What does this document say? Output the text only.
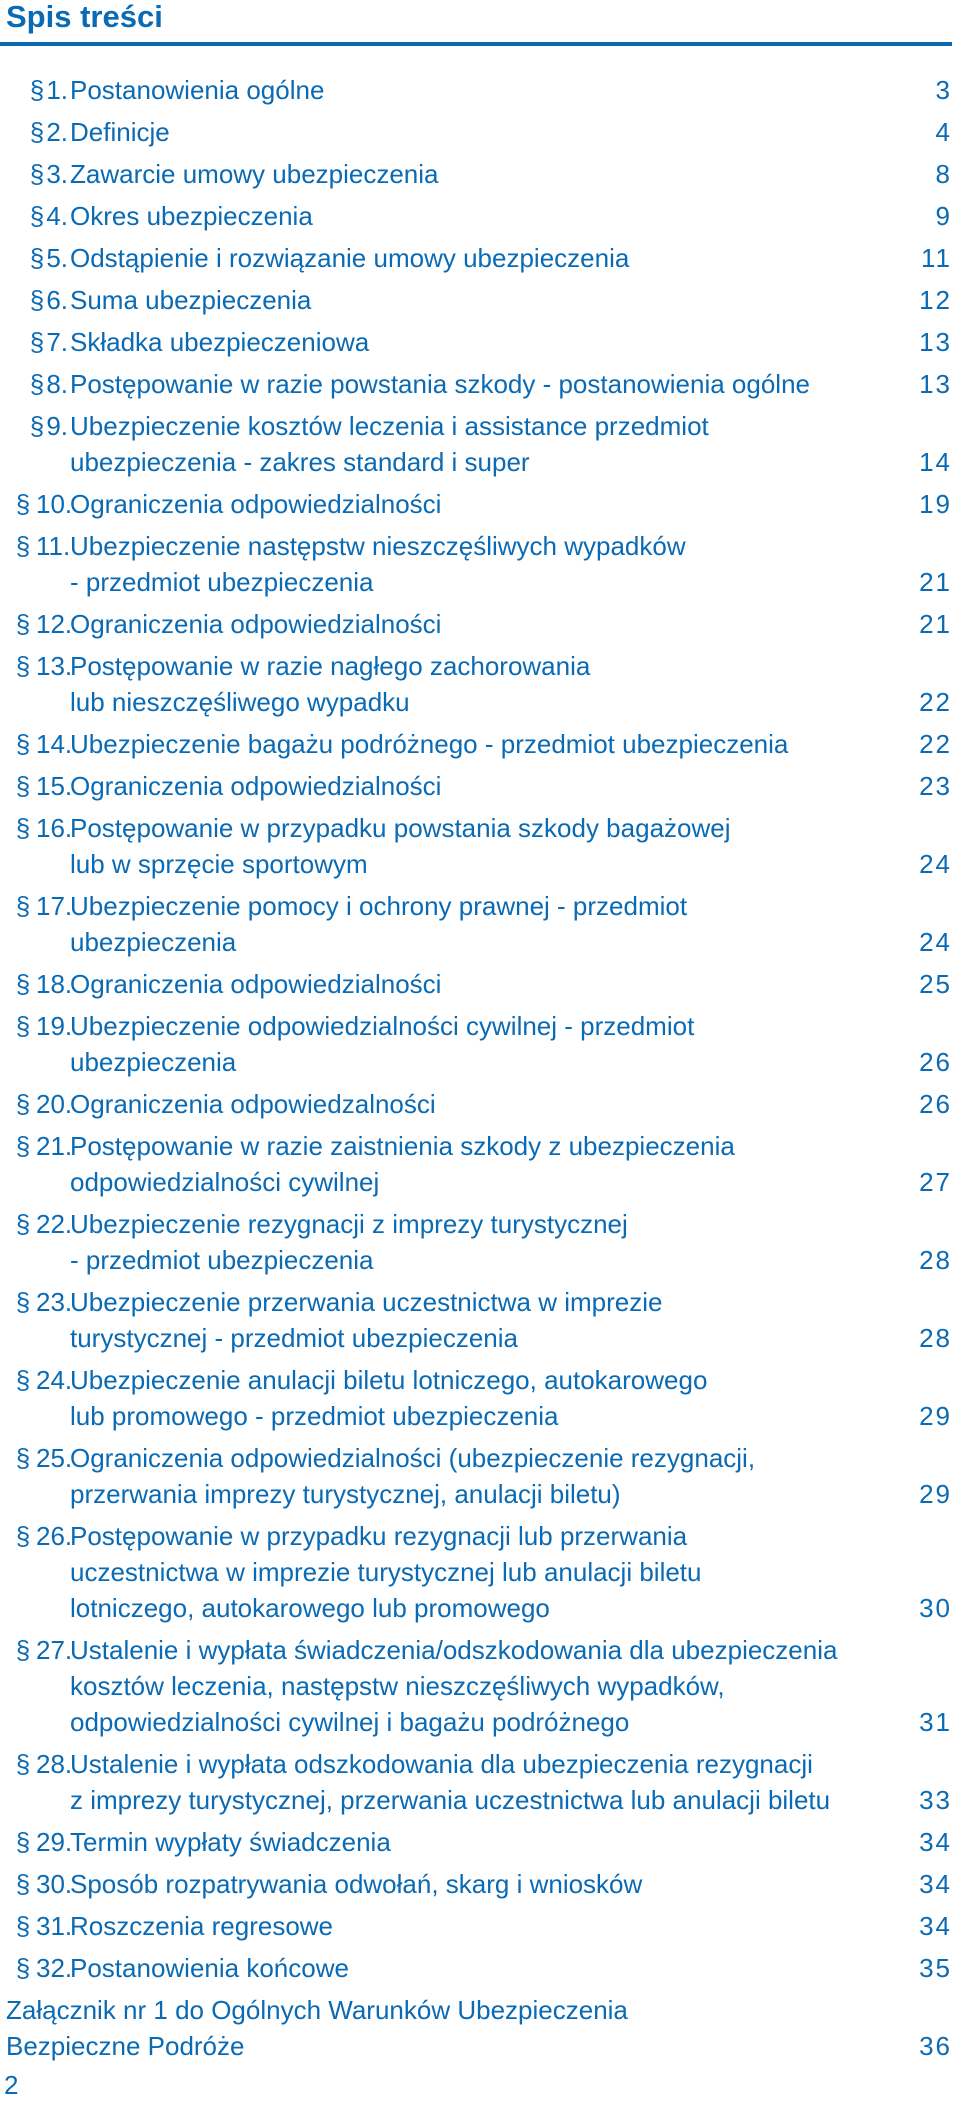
Spis treści
§ 1. Postanowienia ogólne	3
§ 2. Definicje	4
§ 3. Zawarcie umowy ubezpieczenia	8
§ 4. Okres ubezpieczenia	9
§ 5. Odstąpienie i rozwiązanie umowy ubezpieczenia	11
§ 6. Suma ubezpieczenia	12
§ 7. Składka ubezpieczeniowa	13
§ 8. Postępowanie w razie powstania szkody - postanowienia ogólne	13
§ 9. Ubezpieczenie kosztów leczenia i assistance przedmiot
ubezpieczenia - zakres standard i super	14
§ 10.
Ograniczenia odpowiedzialności	19
§ 11. Ubezpieczenie następstw nieszczęśliwych wypadków
- przedmiot ubezpieczenia	21
§ 12.
Ograniczenia odpowiedzialności	21
§ 13.
Postępowanie w razie nagłego zachorowania
lub nieszczęśliwego wypadku	22
§ 14.
Ubezpieczenie bagażu podróżnego - przedmiot ubezpieczenia	22
§ 15.
Ograniczenia odpowiedzialności	23
§ 16.
Postępowanie w przypadku powstania szkody bagażowej
lub w sprzęcie sportowym	24
§ 17.
Ubezpieczenie pomocy i ochrony prawnej - przedmiot ubezpieczenia	24
§ 18.
Ograniczenia odpowiedzialności	25
§ 19.
Ubezpieczenie odpowiedzialności cywilnej - przedmiot ubezpieczenia	26
§ 20.
Ograniczenia odpowiedzalności	26
§ 21.
Postępowanie w razie zaistnienia szkody z ubezpieczenia
odpowiedzialności cywilnej	27
§ 22.
Ubezpieczenie rezygnacji z imprezy turystycznej
- przedmiot ubezpieczenia	28
§ 23.
Ubezpieczenie przerwania uczestnictwa w imprezie
turystycznej - przedmiot ubezpieczenia	28
§ 24.
Ubezpieczenie anulacji biletu lotniczego, autokarowego
lub promowego - przedmiot ubezpieczenia	29
§ 25.
Ograniczenia odpowiedzialności (ubezpieczenie rezygnacji,
przerwania imprezy turystycznej, anulacji biletu)	29
§ 26.
Postępowanie w przypadku rezygnacji lub przerwania
uczestnictwa w imprezie turystycznej lub anulacji biletu
lotniczego, autokarowego lub promowego	30
§ 27.
Ustalenie i wypłata świadczenia/odszkodowania dla ubezpieczenia
kosztów leczenia, następstw nieszczęśliwych wypadków,
odpowiedzialności cywilnej i bagażu podróżnego	31
§ 28.
Ustalenie i wypłata odszkodowania dla ubezpieczenia rezygnacji
z imprezy turystycznej, przerwania uczestnictwa lub anulacji biletu	33
§ 29.
Termin wypłaty świadczenia	34
§ 30.
Sposób rozpatrywania odwołań, skarg i wniosków	34
§ 31.
Roszczenia regresowe	34
§ 32.
Postanowienia końcowe	35
Załącznik nr 1 do Ogólnych Warunków Ubezpieczenia
Bezpieczne Podróże	36
2
